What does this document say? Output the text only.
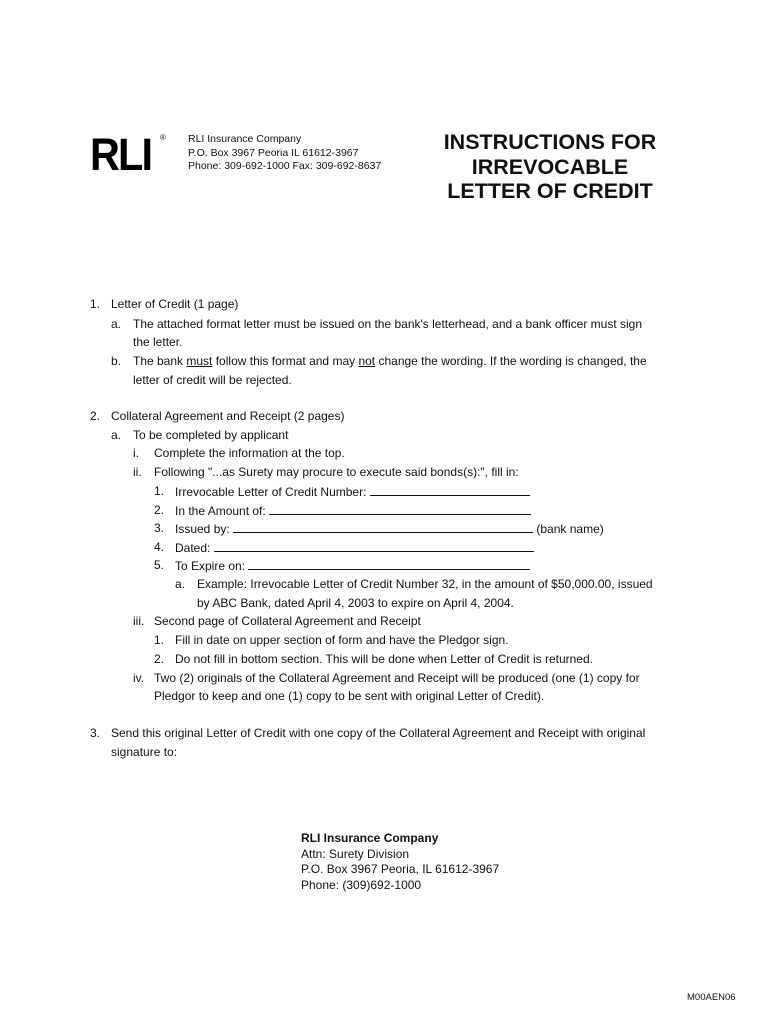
RLI ® RLI Insurance Company
P.O. Box 3967 Peoria IL 61612-3967
Phone: 309-692-1000 Fax: 309-692-8637
INSTRUCTIONS FOR
IRREVOCABLE
LETTER OF CREDIT
1. Letter of Credit (1 page)
a. The attached format letter must be issued on the bank's letterhead, and a bank officer must sign
the letter.
b. The bank must follow this format and may not change the wording. If the wording is changed, the
letter of credit will be rejected.
2. Collateral Agreement and Receipt (2 pages)
a. To be completed by applicant
i. Complete the information at the top.
ii. Following "...as Surety may procure to execute said bonds(s):", fill in:
1. Irrevocable Letter of Credit Number:
2. In the Amount of:
3. Issued by:	(bank name)
4. Dated:
5. To Expire on:
a. Example: Irrevocable Letter of Credit Number 32, in the amount of $50,000.00, issued
by ABC Bank, dated April 4, 2003 to expire on April 4, 2004.
iii. Second page of Collateral Agreement and Receipt
1. Fill in date on upper section of form and have the Pledgor sign.
2. Do not fill in bottom section. This will be done when Letter of Credit is returned.
iv. Two (2) originals of the Collateral Agreement and Receipt will be produced (one (1) copy for
Pledgor to keep and one (1) copy to be sent with original Letter of Credit).
3. Send this original Letter of Credit with one copy of the Collateral Agreement and Receipt with original
signature to:
RLI Insurance Company
Attn: Surety Division
P.O. Box 3967 Peoria, IL 61612-3967
Phone: (309)692-1000
M00AEN06
